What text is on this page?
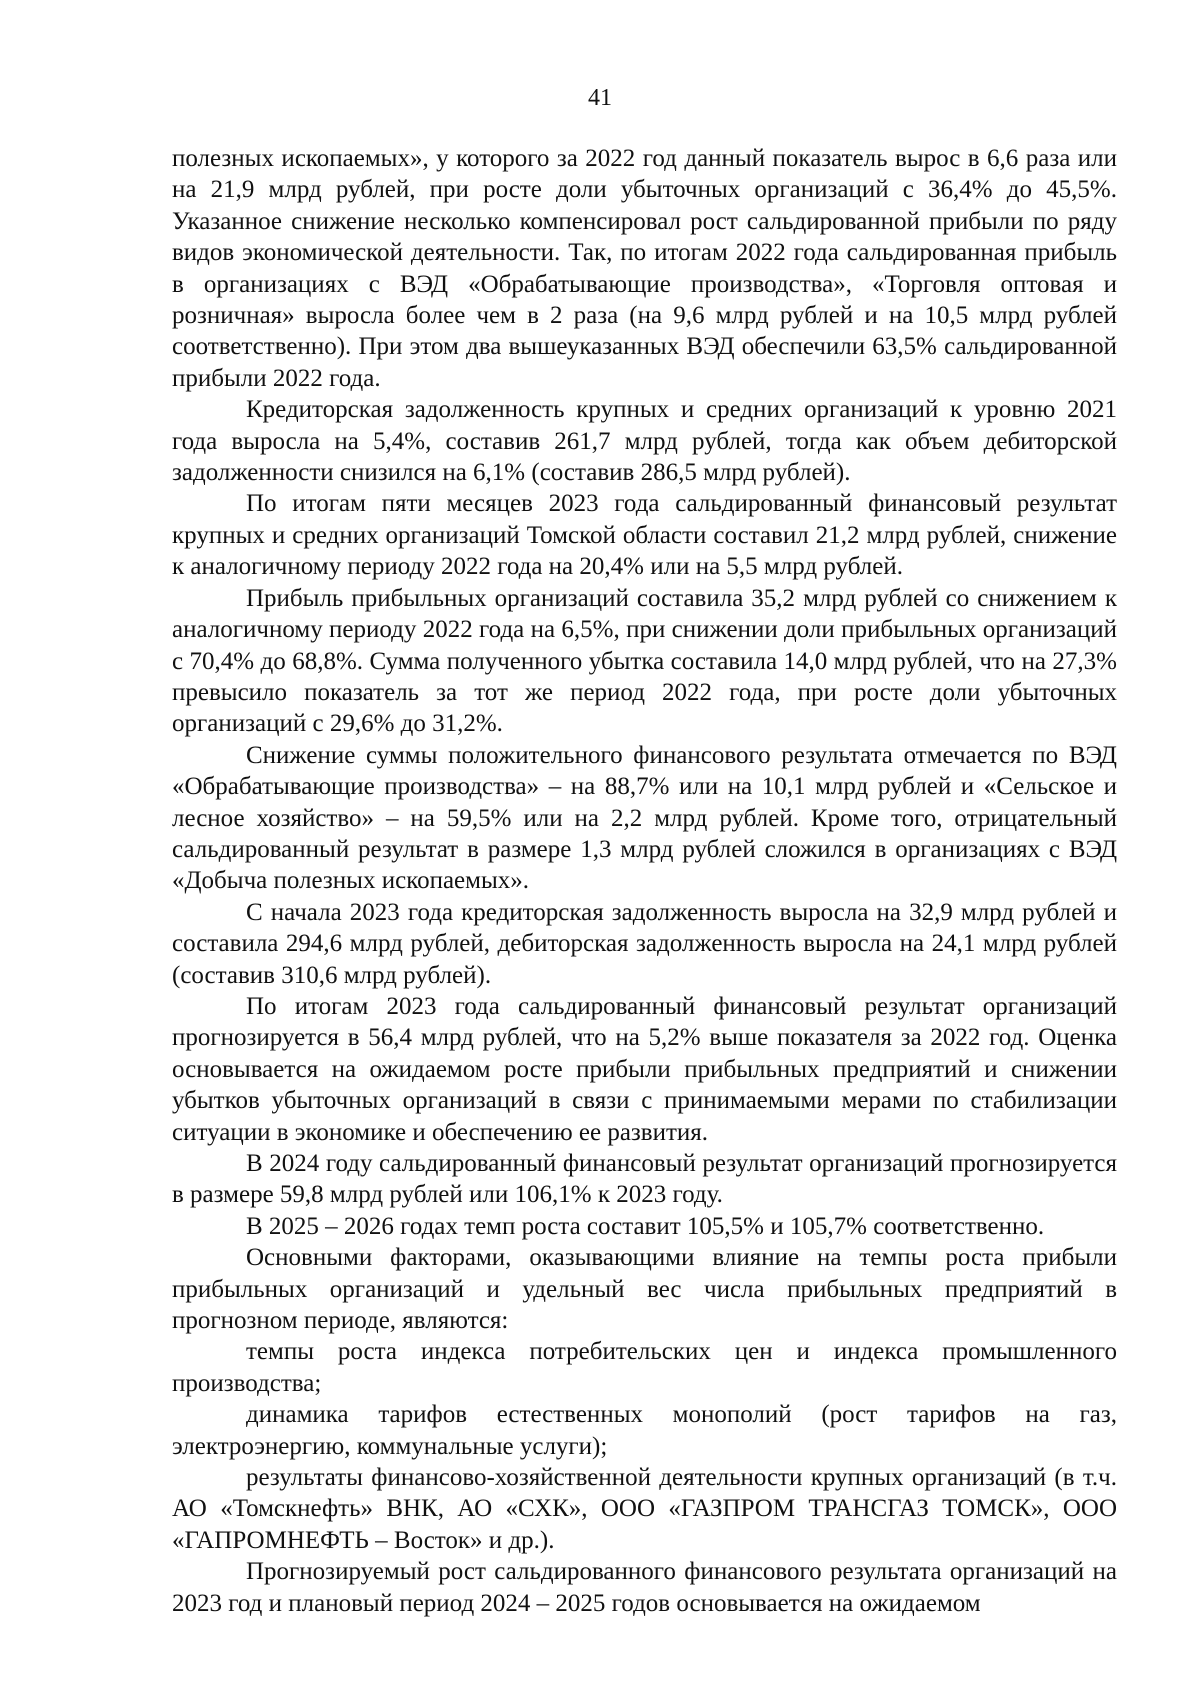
41

полезных ископаемых», у которого за 2022 год данный показатель вырос в 6,6 раза или на 21,9 млрд рублей, при росте доли убыточных организаций с 36,4% до 45,5%. Указанное снижение несколько компенсировал рост сальдированной прибыли по ряду видов экономической деятельности. Так, по итогам 2022 года сальдированная прибыль в организациях с ВЭД «Обрабатывающие производства», «Торговля оптовая и розничная» выросла более чем в 2 раза (на 9,6 млрд рублей и на 10,5 млрд рублей соответственно). При этом два вышеуказанных ВЭД обеспечили 63,5% сальдированной прибыли 2022 года.

Кредиторская задолженность крупных и средних организаций к уровню 2021 года выросла на 5,4%, составив 261,7 млрд рублей, тогда как объем дебиторской задолженности снизился на 6,1% (составив 286,5 млрд рублей).

По итогам пяти месяцев 2023 года сальдированный финансовый результат крупных и средних организаций Томской области составил 21,2 млрд рублей, снижение к аналогичному периоду 2022 года на 20,4% или на 5,5 млрд рублей.

Прибыль прибыльных организаций составила 35,2 млрд рублей со снижением к аналогичному периоду 2022 года на 6,5%, при снижении доли прибыльных организаций с 70,4% до 68,8%. Сумма полученного убытка составила 14,0 млрд рублей, что на 27,3% превысило показатель за тот же период 2022 года, при росте доли убыточных организаций с 29,6% до 31,2%.

Снижение суммы положительного финансового результата отмечается по ВЭД «Обрабатывающие производства» – на 88,7% или на 10,1 млрд рублей и «Сельское и лесное хозяйство» – на 59,5% или на 2,2 млрд рублей. Кроме того, отрицательный сальдированный результат в размере 1,3 млрд рублей сложился в организациях с ВЭД «Добыча полезных ископаемых».

С начала 2023 года кредиторская задолженность выросла на 32,9 млрд рублей и составила 294,6 млрд рублей, дебиторская задолженность выросла на 24,1 млрд рублей (составив 310,6 млрд рублей).

По итогам 2023 года сальдированный финансовый результат организаций прогнозируется в 56,4 млрд рублей, что на 5,2% выше показателя за 2022 год. Оценка основывается на ожидаемом росте прибыли прибыльных предприятий и снижении убытков убыточных организаций в связи с принимаемыми мерами по стабилизации ситуации в экономике и обеспечению ее развития.

В 2024 году сальдированный финансовый результат организаций прогнозируется в размере 59,8 млрд рублей или 106,1% к 2023 году.

В 2025 – 2026 годах темп роста составит 105,5% и 105,7% соответственно.

Основными факторами, оказывающими влияние на темпы роста прибыли прибыльных организаций и удельный вес числа прибыльных предприятий в прогнозном периоде, являются:

темпы роста индекса потребительских цен и индекса промышленного производства;

динамика тарифов естественных монополий (рост тарифов на газ, электроэнергию, коммунальные услуги);

результаты финансово-хозяйственной деятельности крупных организаций (в т.ч. АО «Томскнефть» ВНК, АО «СХК», ООО «ГАЗПРОМ ТРАНСГАЗ ТОМСК», ООО «ГАПРОМНЕФТЬ – Восток» и др.).

Прогнозируемый рост сальдированного финансового результата организаций на 2023 год и плановый период 2024 – 2025 годов основывается на ожидаемом
